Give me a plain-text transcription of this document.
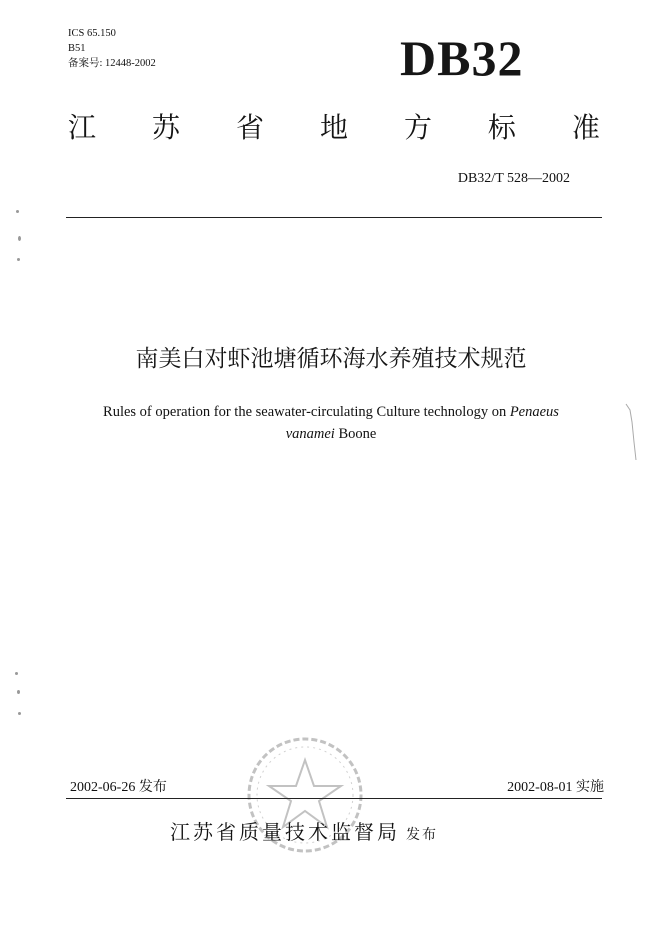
ICS 65.150
B51
备案号: 12448-2002	DB32
江 苏 省 地 方 标 准
DB32/T 528—2002
南美白对虾池塘循环海水养殖技术规范
Rules of operation for the seawater-circulating Culture technology on Penaeus
vanamei Boone
2002-06-26 发布	2002-08-01 实施
江苏省质量技术监督局 发布
